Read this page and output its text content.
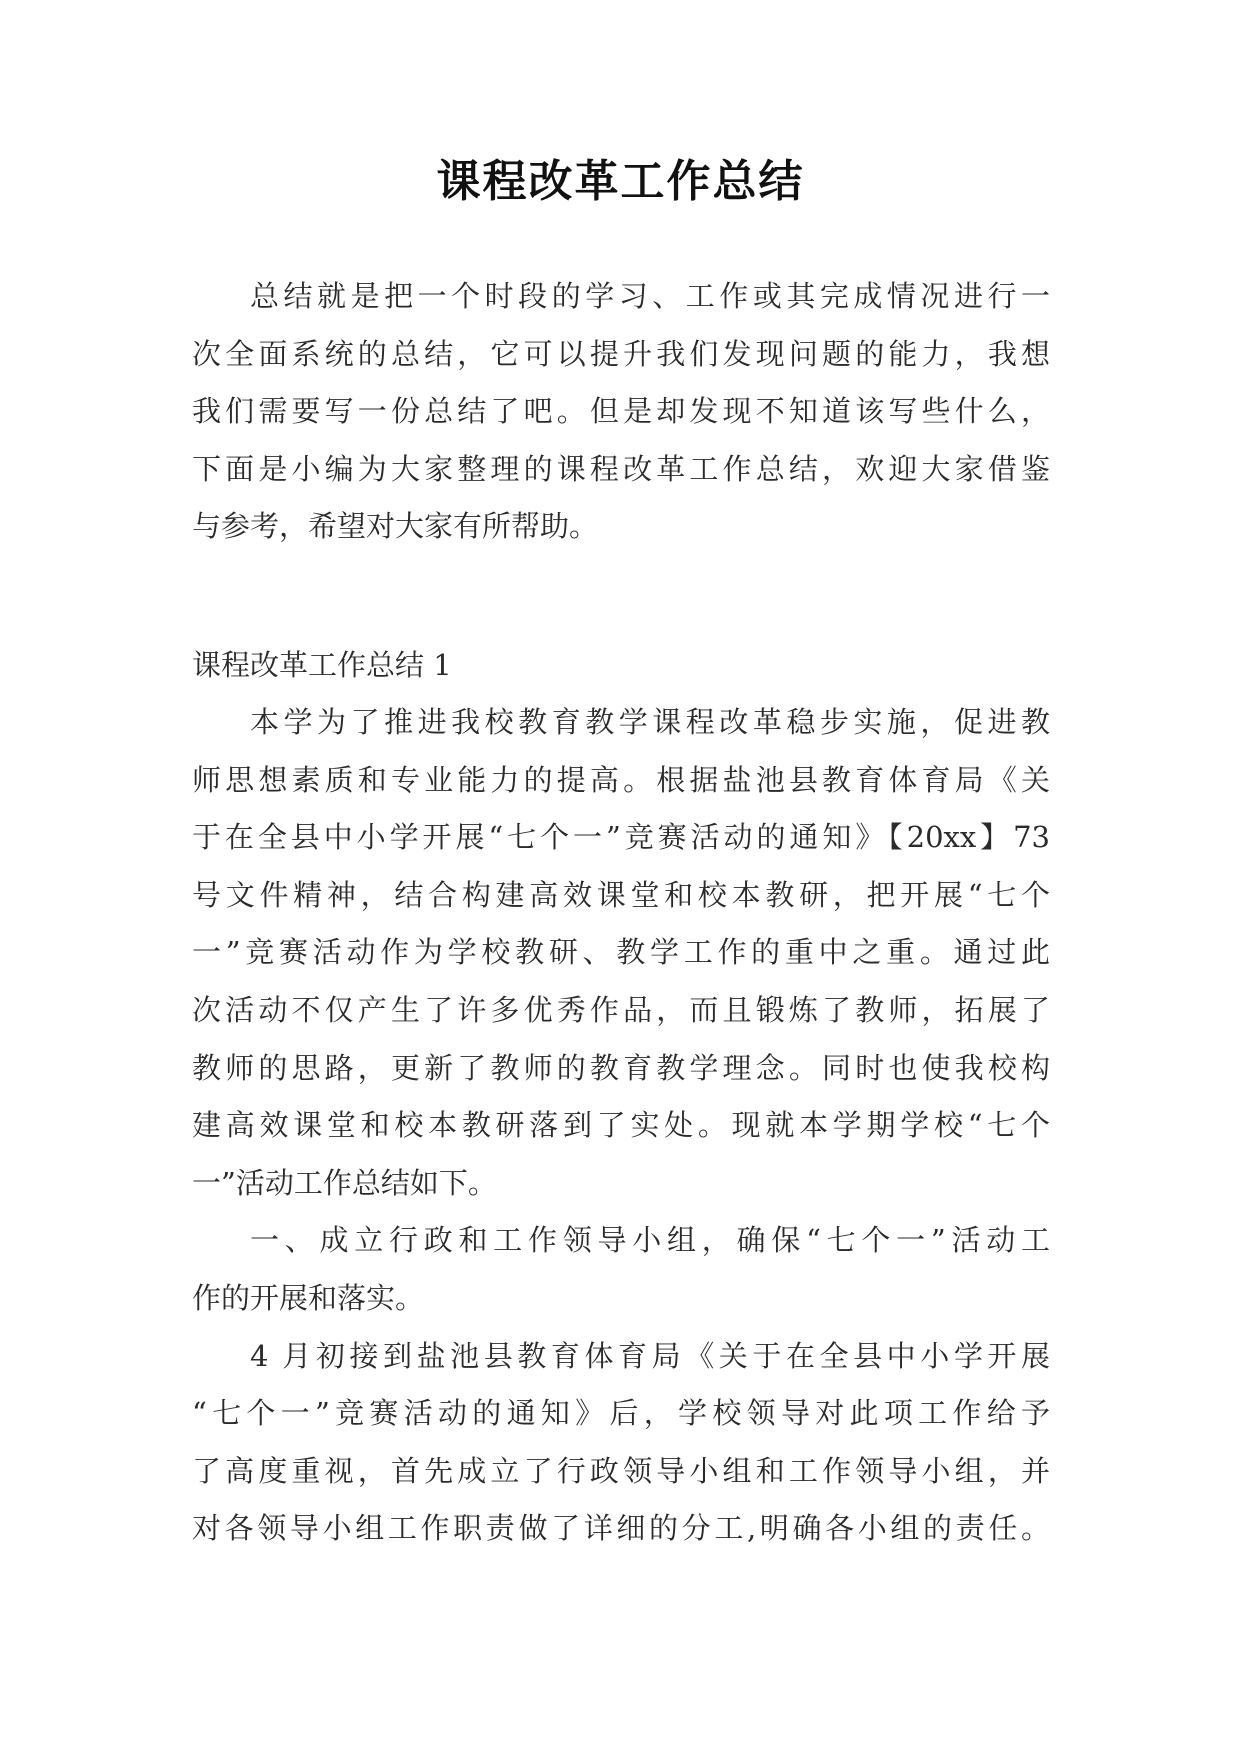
课程改革工作总结
总结就是把一个时段的学习、工作或其完成情况进行一
次全面系统的总结，它可以提升我们发现问题的能力，我想
我们需要写一份总结了吧。但是却发现不知道该写些什么，
下面是小编为大家整理的课程改革工作总结，欢迎大家借鉴
与参考，希望对大家有所帮助。
课程改革工作总结 1
本学为了推进我校教育教学课程改革稳步实施，促进教
师思想素质和专业能力的提高。根据盐池县教育体育局《关
于在全县中小学开展“七个一”竞赛活动的通知》【20xx】73
号文件精神，结合构建高效课堂和校本教研，把开展“七个
一”竞赛活动作为学校教研、教学工作的重中之重。通过此
次活动不仅产生了许多优秀作品，而且锻炼了教师，拓展了
教师的思路，更新了教师的教育教学理念。同时也使我校构
建高效课堂和校本教研落到了实处。现就本学期学校“七个
一”活动工作总结如下。
一、成立行政和工作领导小组，确保“七个一”活动工
作的开展和落实。
4 月初接到盐池县教育体育局《关于在全县中小学开展
“七个一”竞赛活动的通知》后，学校领导对此项工作给予
了高度重视，首先成立了行政领导小组和工作领导小组，并
对各领导小组工作职责做了详细的分工,明确各小组的责任。
